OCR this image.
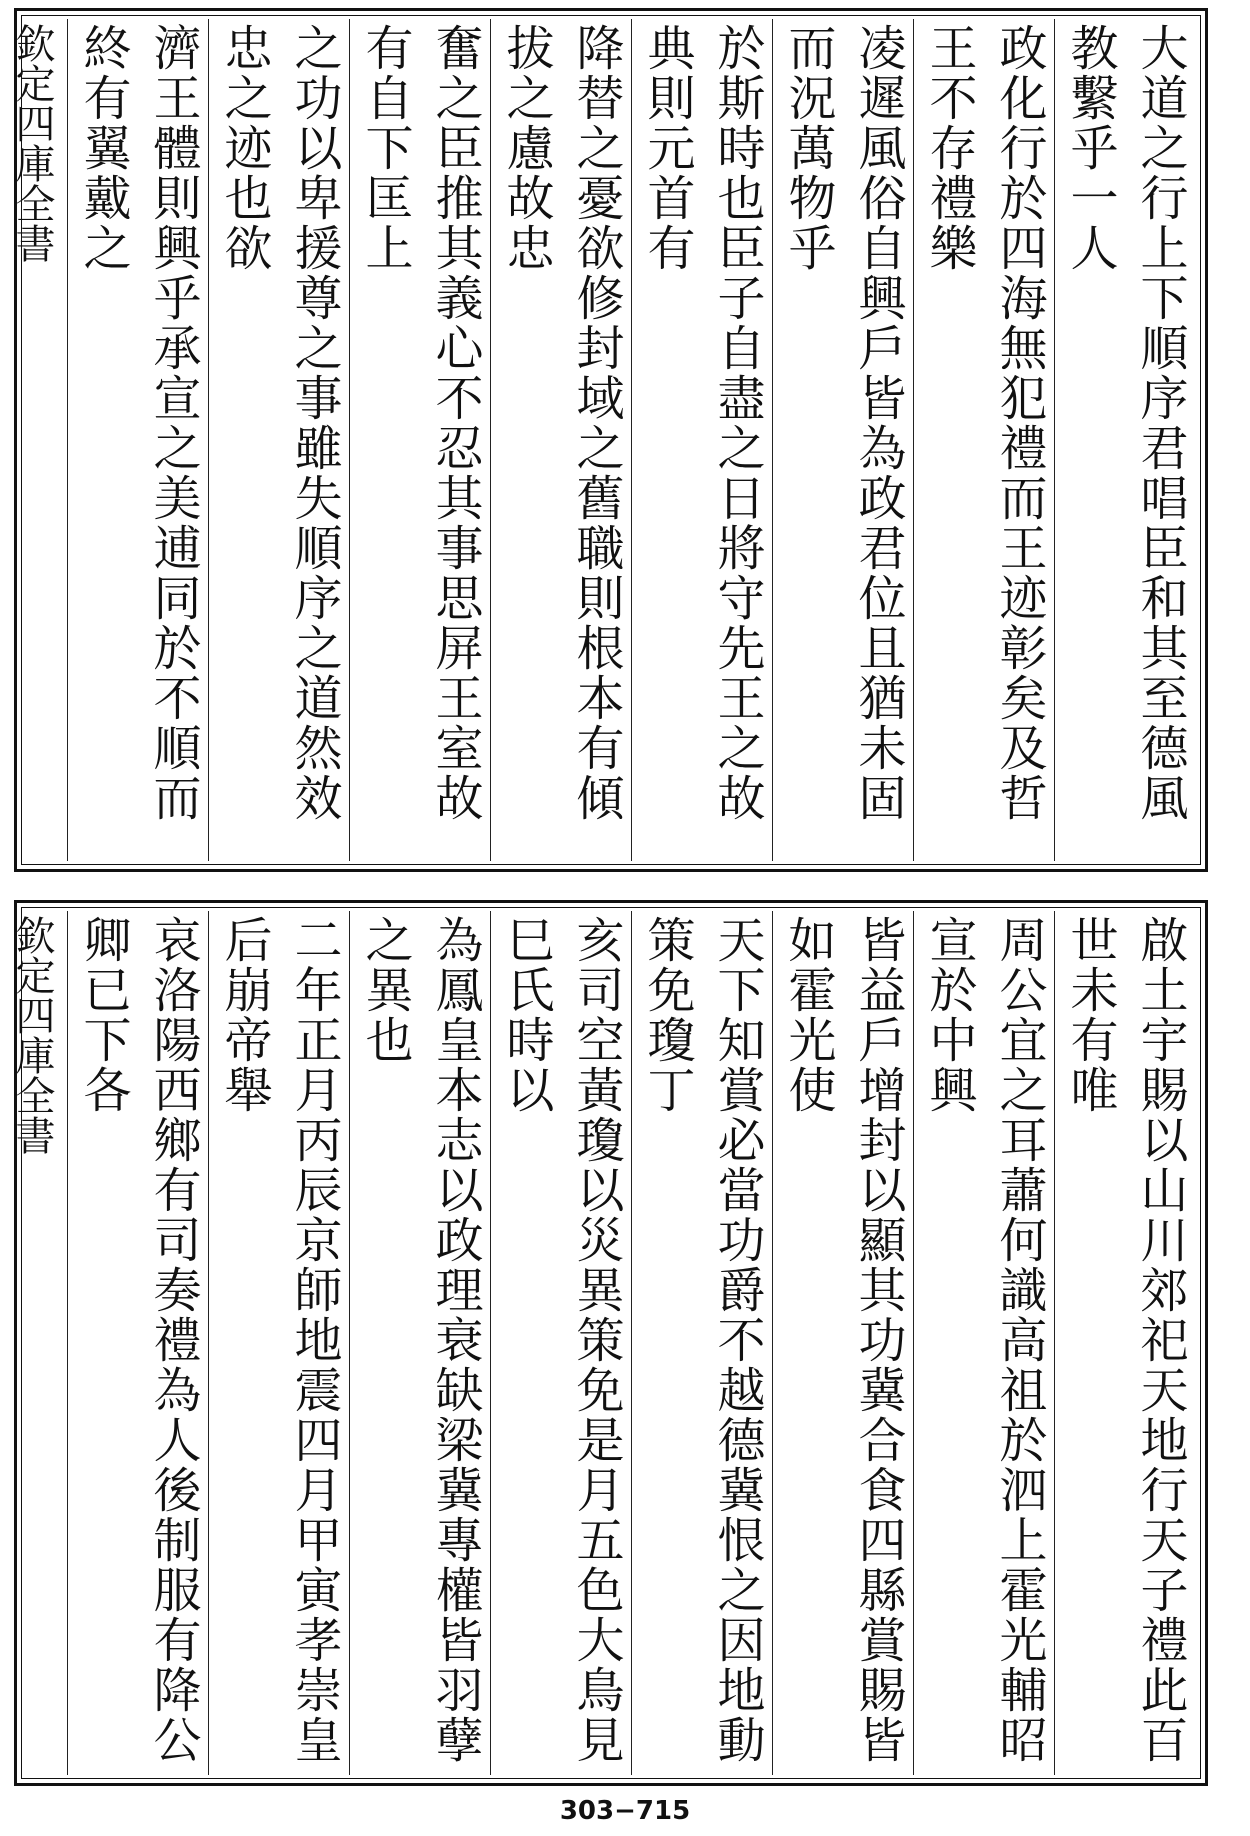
大道之行上下順序君唱臣和其至德風教繫乎一人
政化行於四海無犯禮而王迹彰矣及哲王不存禮樂
凌遲風俗自興戶皆為政君位且猶未固而況萬物乎
於斯時也臣子自盡之日將守先王之故典則元首有
降替之憂欲修封域之舊職則根本有傾拔之慮故忠
奮之臣推其義心不忍其事思屏王室故有自下匡上
之功以卑援尊之事雖失順序之道然效忠之迹也欲
濟王體則興乎承宣之美逋同於不順而終有翼戴之
欽定四庫全書

啟土宇賜以山川郊祀天地行天子禮此百世未有唯
周公宜之耳蕭何識高祖於泗上霍光輔昭宣於中興
皆益戶增封以顯其功冀合食四縣賞賜皆如霍光使
天下知賞必當功爵不越德冀恨之因地動策免瓊丁
亥司空黃瓊以災異策免是月五色大鳥見巳氏時以
為鳳皇本志以政理衰缺梁冀專權皆羽孽之異也
二年正月丙辰京師地震四月甲寅孝崇皇后崩帝舉
哀洛陽西鄉有司奏禮為人後制服有降公卿已下各
欽定四庫全書

303−715
